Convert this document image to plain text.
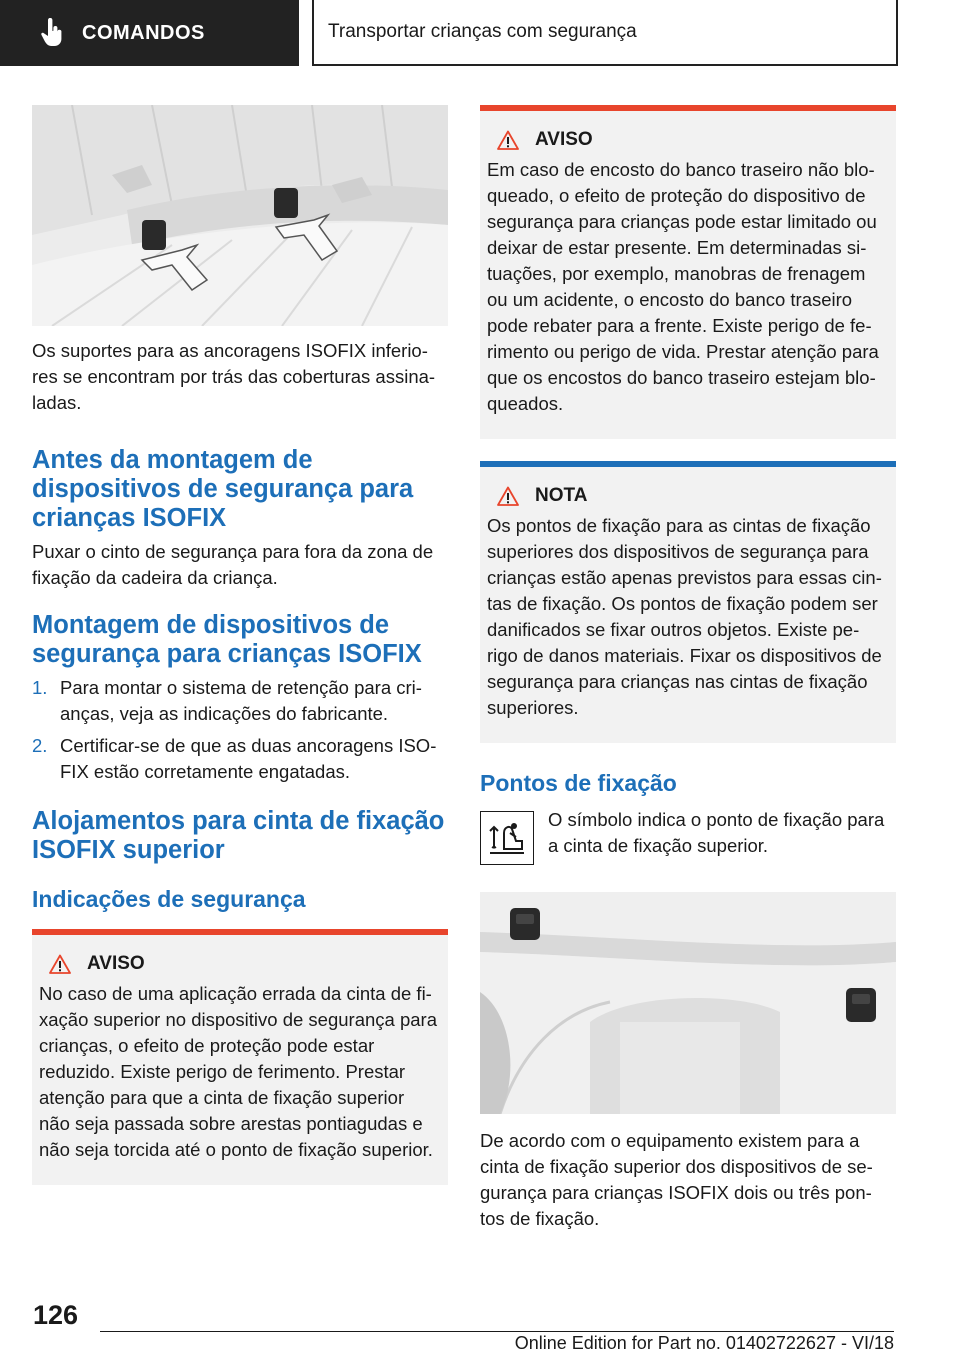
COMANDOS	Transportar crianças com segurança

Os suportes para as ancoragens ISOFIX inferio-res se encontram por trás das coberturas assina-ladas.

Antes da montagem de dispositivos de segurança para crianças ISOFIX

Puxar o cinto de segurança para fora da zona de fixação da cadeira da criança.

Montagem de dispositivos de segurança para crianças ISOFIX
1. Para montar o sistema de retenção para cri-anças, veja as indicações do fabricante.
2. Certificar-se de que as duas ancoragens ISO-FIX estão corretamente engatadas.
Alojamentos para cinta de fixação ISOFIX superior
Indicações de segurança
AVISO

No caso de uma aplicação errada da cinta de fi-xação superior no dispositivo de segurança para crianças, o efeito de proteção pode estar reduzido. Existe perigo de ferimento. Prestar atenção para que a cinta de fixação superior não seja passada sobre arestas pontiagudas e não seja torcida até o ponto de fixação superior.

AVISO

Em caso de encosto do banco traseiro não blo-queado, o efeito de proteção do dispositivo de segurança para crianças pode estar limitado ou deixar de estar presente. Em determinadas si-tuações, por exemplo, manobras de frenagem ou um acidente, o encosto do banco traseiro pode rebater para a frente. Existe perigo de fe-rimento ou perigo de vida. Prestar atenção para que os encostos do banco traseiro estejam blo-queados.

NOTA

Os pontos de fixação para as cintas de fixação superiores dos dispositivos de segurança para crianças estão apenas previstos para essas cin-tas de fixação. Os pontos de fixação podem ser danificados se fixar outros objetos. Existe pe-rigo de danos materiais. Fixar os dispositivos de segurança para crianças nas cintas de fixação superiores.

Pontos de fixação

O símbolo indica o ponto de fixação para a cinta de fixação superior.

De acordo com o equipamento existem para a cinta de fixação superior dos dispositivos de se-gurança para crianças ISOFIX dois ou três pon-tos de fixação.

126
Online Edition for Part no. 01402722627 - VI/18
